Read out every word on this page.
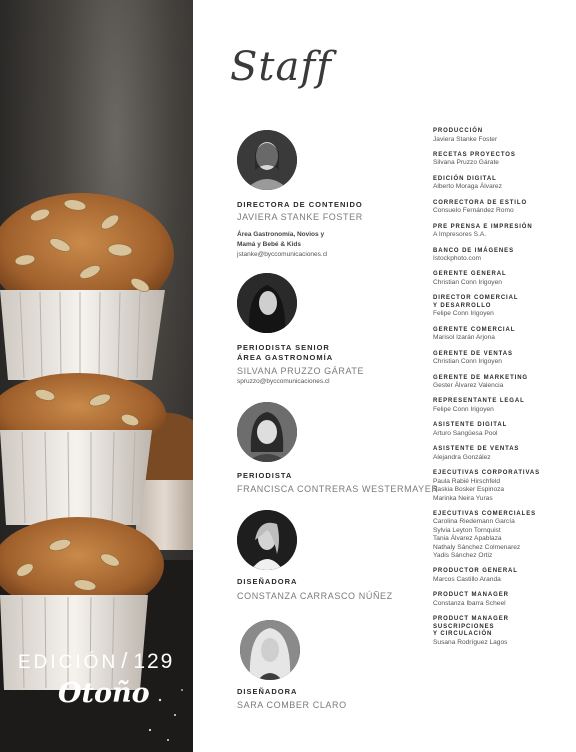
EDICIÓN / 129
Otoño
Staff
DIRECTORA DE CONTENIDO
JAVIERA STANKE FOSTER
Área Gastronomía, Novios y
Mamá y Bebé & Kids
jstanke@byccomunicaciones.cl
PERIODISTA SENIOR
ÁREA GASTRONOMÍA
SILVANA PRUZZO GÁRATE
spruzzo@byccomunicaciones.cl
PERIODISTA
FRANCISCA CONTRERAS WESTERMAYER
DISEÑADORA
CONSTANZA CARRASCO NÚÑEZ
DISEÑADORA
SARA COMBER CLARO
PRODUCCIÓN
Javiera Stanke Foster
RECETAS PROYECTOS
Silvana Pruzzo Gárate
EDICIÓN DIGITAL
Alberto Moraga Álvarez
CORRECTORA DE ESTILO
Consuelo Fernández Romo
PRE PRENSA E IMPRESIÓN
A Impresores S.A.
BANCO DE IMÁGENES
Istockphoto.com
GERENTE GENERAL
Christian Conn Irigoyen
DIRECTOR COMERCIAL
Y DESARROLLO
Felipe Conn Irigoyen
GERENTE COMERCIAL
Marisol Izarán Arjona
GERENTE DE VENTAS
Christian Conn Irigoyen
GERENTE DE MARKETING
Gester Álvarez Valencia
REPRESENTANTE LEGAL
Felipe Conn Irigoyen
ASISTENTE DIGITAL
Arturo Sangüesa Pool
ASISTENTE DE VENTAS
Alejandra González
EJECUTIVAS CORPORATIVAS
Paula Rabié Hirschfeld
Saskia Bosker Espinoza
Marinka Neira Yuras
EJECUTIVAS COMERCIALES
Carolina Riedemann García
Sylvia Leyton Tornquist
Tania Álvarez Apablaza
Nathaly Sánchez Colmenarez
Yadis Sánchez Ortiz
PRODUCTOR GENERAL
Marcos Castillo Aranda
PRODUCT MANAGER
Constanza Ibarra Scheel
PRODUCT MANAGER SUSCRIPCIONES
Y CIRCULACIÓN
Susana Rodríguez Lagos
